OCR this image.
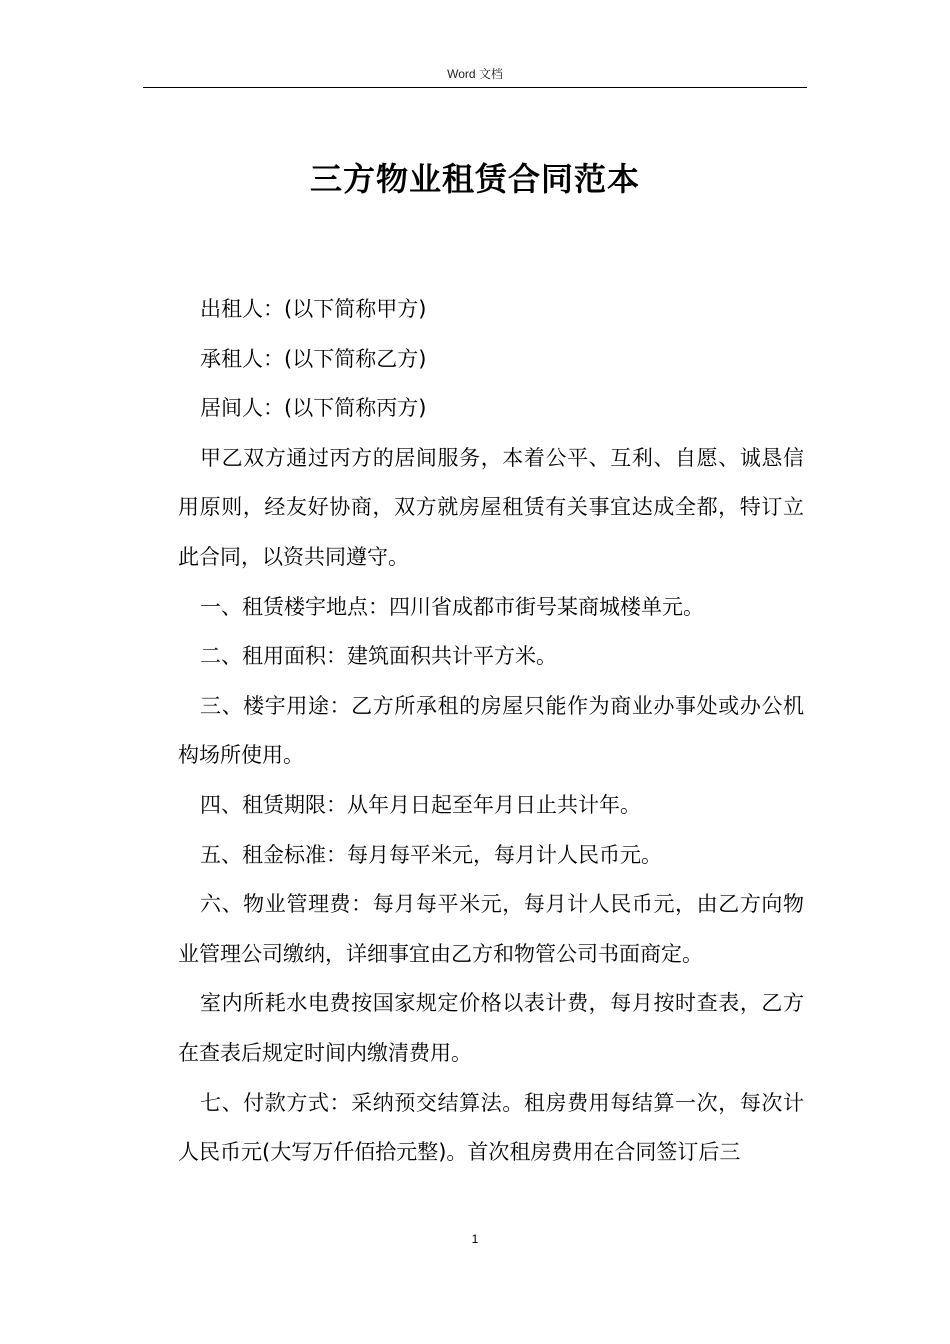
Word 文档
三方物业租赁合同范本

出租人：(以下简称甲方)

承租人：(以下简称乙方)

居间人：(以下简称丙方)

甲乙双方通过丙方的居间服务，本着公平、互利、自愿、诚恳信用原则，经友好协商，双方就房屋租赁有关事宜达成全都，特订立此合同，以资共同遵守。

一、租赁楼宇地点：四川省成都市街号某商城楼单元。

二、租用面积：建筑面积共计平方米。

三、楼宇用途：乙方所承租的房屋只能作为商业办事处或办公机构场所使用。

四、租赁期限：从年月日起至年月日止共计年。

五、租金标准：每月每平米元，每月计人民币元。

六、物业管理费：每月每平米元，每月计人民币元，由乙方向物业管理公司缴纳，详细事宜由乙方和物管公司书面商定。

室内所耗水电费按国家规定价格以表计费，每月按时查表，乙方在查表后规定时间内缴清费用。

七、付款方式：采纳预交结算法。租房费用每结算一次，每次计人民币元(大写万仟佰拾元整)。首次租房费用在合同签订后三

1
